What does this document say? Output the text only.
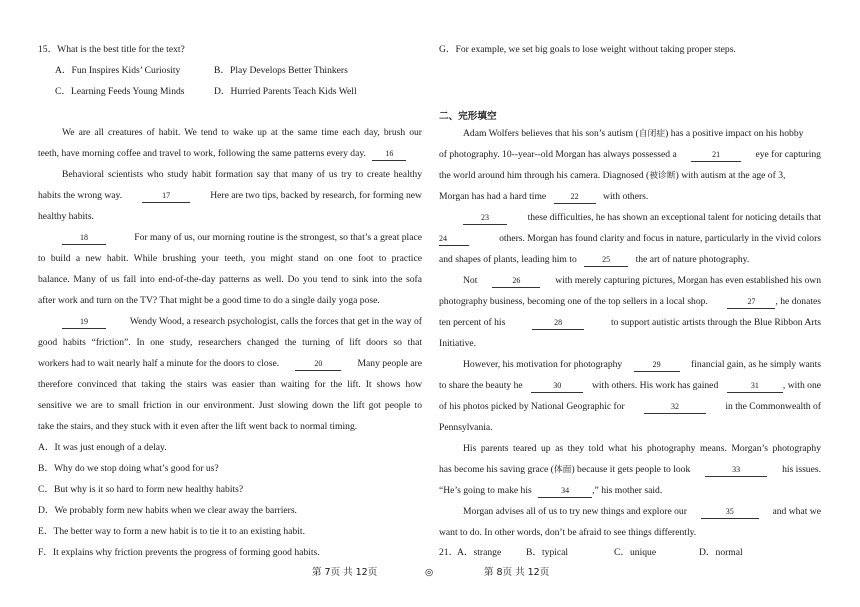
15．What is the best title for the text?
A．Fun Inspires Kids’ Curiosity	B．Play Develops Better Thinkers
C．Learning Feeds Young Minds	D．Hurried Parents Teach Kids Well
We are all creatures of habit. We tend to wake up at the same time each day, brush our
teeth, have morning coffee and travel to work, following the same patterns every day. 16
Behavioral scientists who study habit formation say that many of us try to create healthy
habits the wrong way.	17	Here are two tips, backed by research, for forming new
healthy habits.
18	For many of us, our morning routine is the strongest, so that’s a great place
to build a new habit. While brushing your teeth, you might stand on one foot to practice
balance. Many of us fall into end-of-the-day patterns as well. Do you tend to sink into the sofa
after work and turn on the TV? That might be a good time to do a single daily yoga pose.
19	Wendy Wood, a research psychologist, calls the forces that get in the way of
good habits “friction”. In one study, researchers changed the turning of lift doors so that
workers had to wait nearly half a minute for the doors to close.	20	Many people are
therefore convinced that taking the stairs was easier than waiting for the lift. It shows how
sensitive we are to small friction in our environment. Just slowing down the lift got people to
take the stairs, and they stuck with it even after the lift went back to normal timing.
A．It was just enough of a delay.
B．Why do we stop doing what’s good for us?
C．But why is it so hard to form new healthy habits?
D．We probably form new habits when we clear away the barriers.
E．The better way to form a new habit is to tie it to an existing habit.
F．It explains why friction prevents the progress of forming good habits.
G．For example, we set big goals to lose weight without taking proper steps.
二、完形填空
Adam Wolfers believes that his son’s autism (自闭症) has a positive impact on his hobby
of photography. 10--year--old Morgan has always possessed a	21	eye for capturing
the world around him through his camera. Diagnosed (被诊断) with autism at the age of 3,
Morgan has had a hard time	22	with others.
23	these difficulties, he has shown an exceptional talent for noticing details that
24	others. Morgan has found clarity and focus in nature, particularly in the vivid colors
and shapes of plants, leading him to	25	the art of nature photography.
Not	26	with merely capturing pictures, Morgan has even established his own
photography business, becoming one of the top sellers in a local shop.	27 , he donates
ten percent of his	28	to support autistic artists through the Blue Ribbon Arts
Initiative.
However, his motivation for photography	29	financial gain, as he simply wants
to share the beauty he	30	with others. His work has gained	31	, with one
of his photos picked by National Geographic for	32	in the Commonwealth of
Pennsylvania.
His parents teared up as they told what his photography means. Morgan’s photography
has become his saving grace (体面) because it gets people to look	33	his issues.
“He’s going to make his	34 ,” his mother said.
Morgan advises all of us to try new things and explore our	35	and what we
want to do. In other words, don’t be afraid to see things differently.
21．
A．strange	B．typical	C．unique	D．normal
第 7页 共 12页	◎	第 8页 共 12页
